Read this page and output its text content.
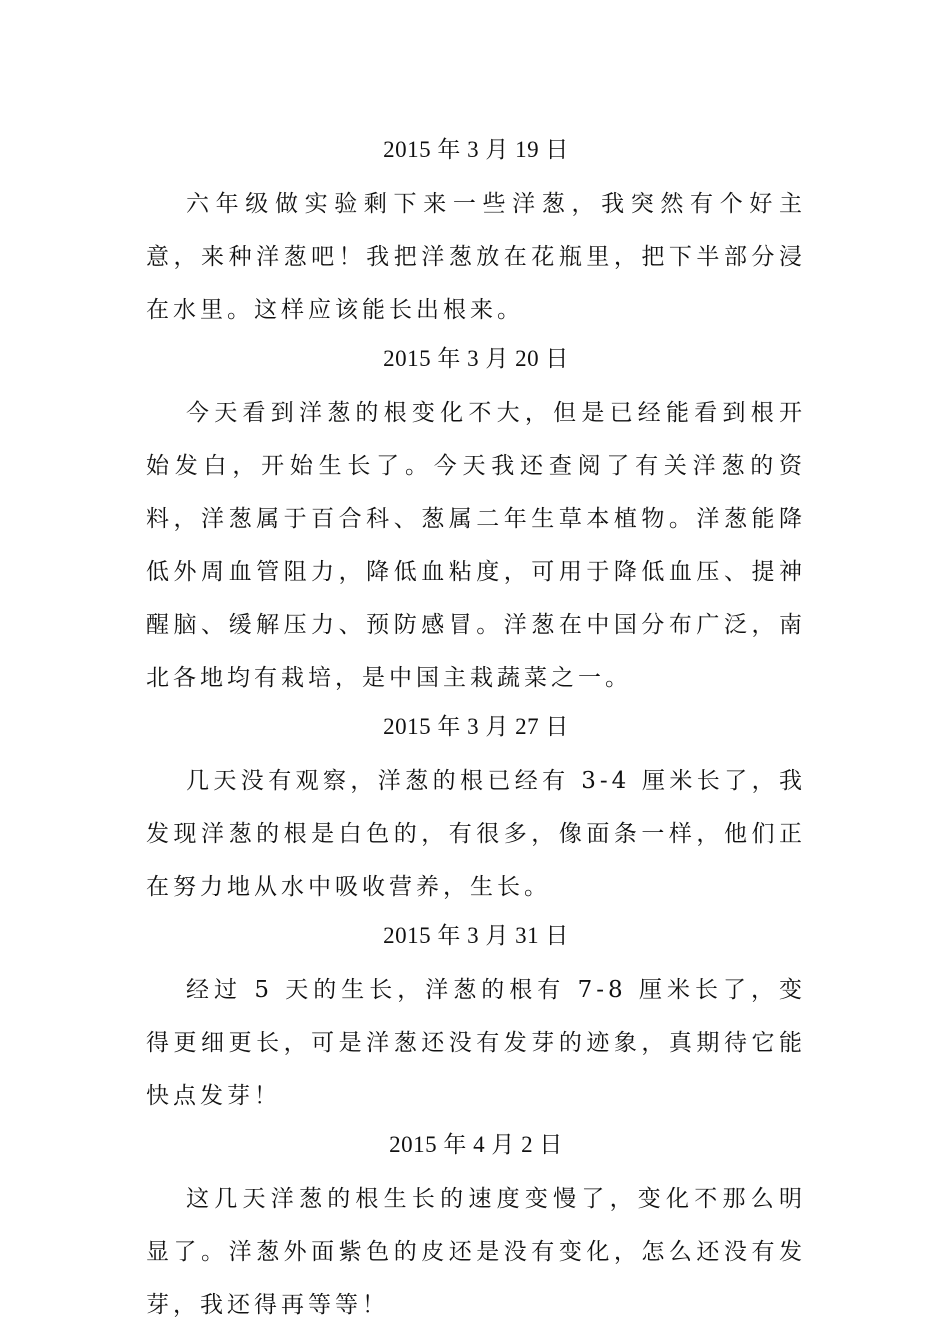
2015 年 3 月 19 日

六年级做实验剩下来一些洋葱，我突然有个好主意，来种洋葱吧！我把洋葱放在花瓶里，把下半部分浸在水里。这样应该能长出根来。

2015 年 3 月 20 日

今天看到洋葱的根变化不大，但是已经能看到根开始发白，开始生长了。今天我还查阅了有关洋葱的资料，洋葱属于百合科、葱属二年生草本植物。洋葱能降低外周血管阻力，降低血粘度，可用于降低血压、提神醒脑、缓解压力、预防感冒。洋葱在中国分布广泛，南北各地均有栽培，是中国主栽蔬菜之一。

2015 年 3 月 27 日

几天没有观察，洋葱的根已经有 3-4 厘米长了，我发现洋葱的根是白色的，有很多，像面条一样，他们正在努力地从水中吸收营养，生长。

2015 年 3 月 31 日

经过 5 天的生长，洋葱的根有 7-8 厘米长了，变得更细更长，可是洋葱还没有发芽的迹象，真期待它能快点发芽！

2015 年 4 月 2 日

这几天洋葱的根生长的速度变慢了，变化不那么明显了。洋葱外面紫色的皮还是没有变化，怎么还没有发芽，我还得再等等！
